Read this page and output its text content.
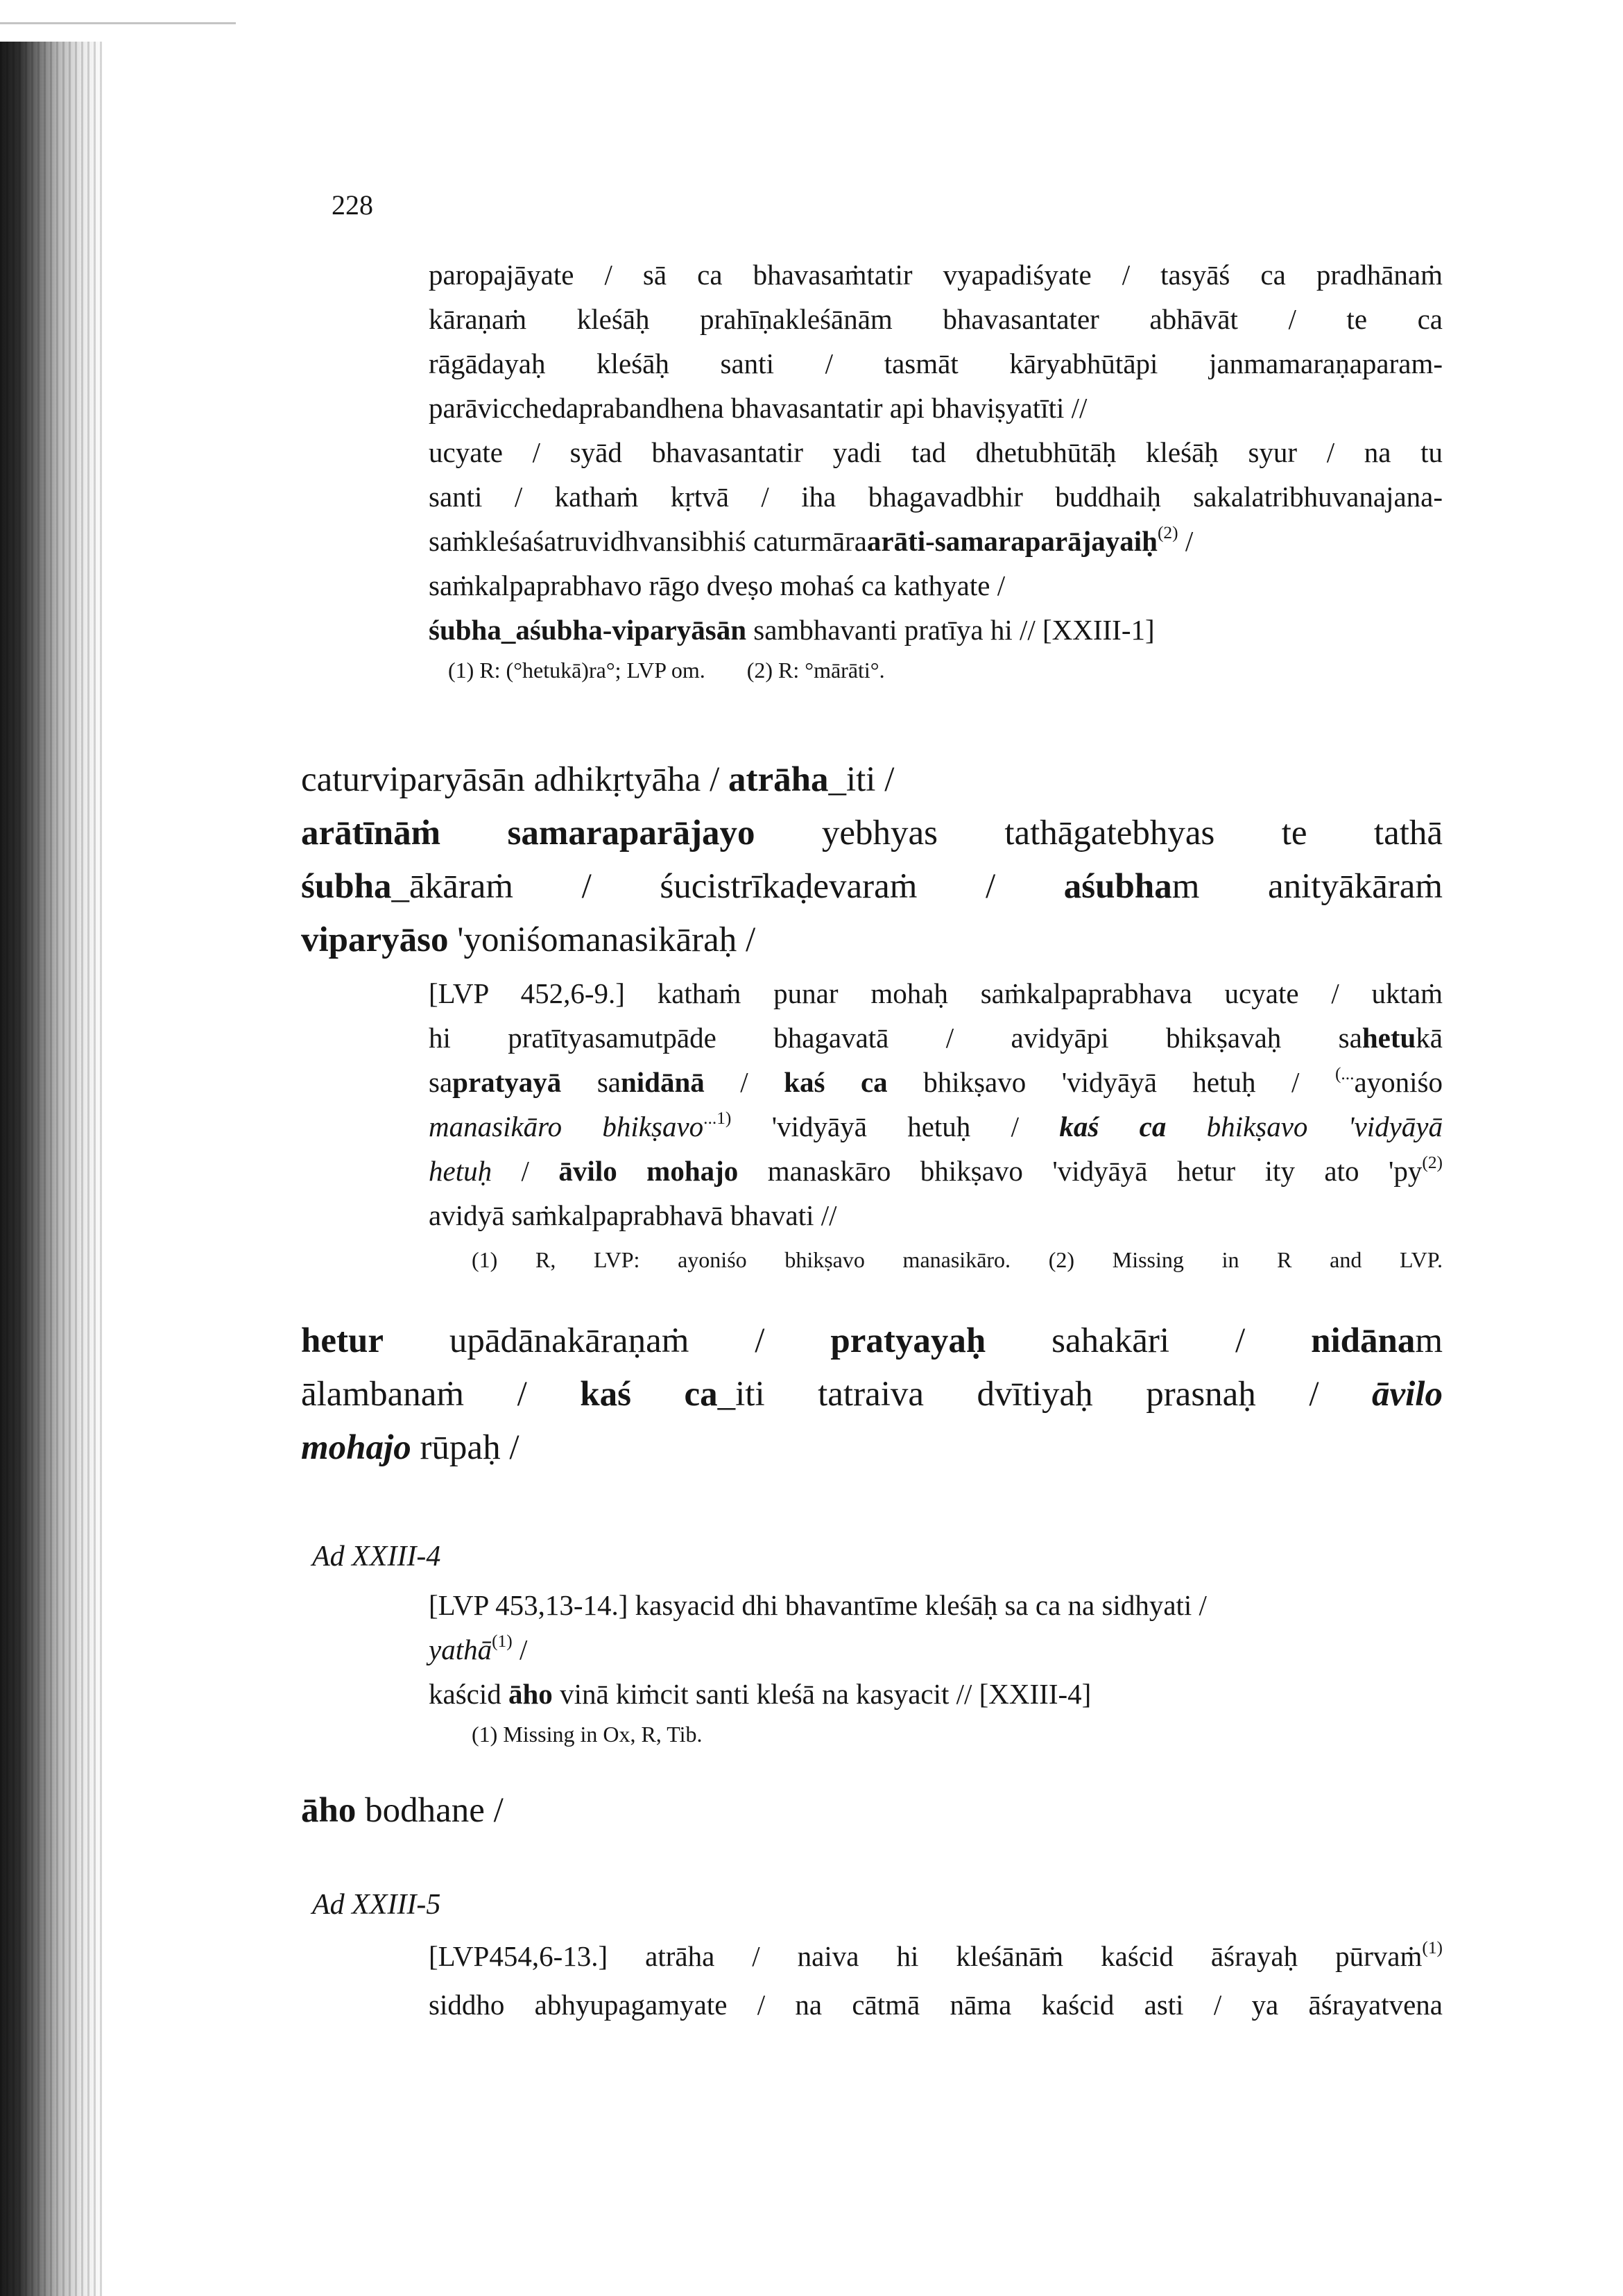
228
paropajāyate / sā ca bhavasaṁtatir vyapadiśyate / tasyāś ca pradhānaṁ
kāraṇaṁ kleśāḥ prahīṇakleśānām bhavasantater abhāvāt / te ca
rāgādayaḥ kleśāḥ santi / tasmāt kāryabhūtāpi janmamaraṇaparam-
parāvicchedaprabandhena bhavasantatir api bhaviṣyatīti //
ucyate / syād bhavasantatir yadi tad dhetubhūtāḥ kleśāḥ syur / na tu
santi / kathaṁ kṛtvā / iha bhagavadbhir buddhaiḥ sakalatribhuvanajana-
saṁkleśaśatruvidhvansibhiś caturmāraarāti-samaraparājayaiḥ$^{(2)}$ /
saṁkalpaprabhavo rāgo dveṣo mohaś ca kathyate /
śubha_aśubha-viparyāsān sambhavanti pratīya hi // [XXIII-1]
(1) R: (°hetukā)ra°; LVP om. (2) R: °mārāti°.
caturviparyāsān adhikṛtyāha / atrāha_iti /
arātīnāṁ samaraparājayo yebhyas tathāgatebhyas te tathā
śubha_ākāraṁ / śucistrīkaḍevaraṁ / aśubham anityākāraṁ
viparyāso 'yoniśomanasikāraḥ /
[LVP 452,6-9.] kathaṁ punar mohaḥ saṁkalpaprabhava ucyate / uktaṁ
hi pratītyasamutpāde bhagavatā / avidyāpi bhikṣavaḥ sahetukā
sapratyayā sanidānā / kaś ca bhikṣavo 'vidyāyā hetuḥ / (...ayoniśo
manasikāro bhikṣavo$^{...1)}$ 'vidyāyā hetuḥ / kaś ca bhikṣavo 'vidyāyā
hetuḥ / āvilo mohajo manaskāro bhikṣavo 'vidyāyā hetur ity ato '$py^{(2)}$
avidyā saṁkalpaprabhavā bhavati //
(1) R, LVP: ayoniśo bhikṣavo manasikāro. (2) Missing in R and LVP.
hetur upādānakāraṇaṁ / pratyayaḥ sahakāri / nidānam
ālambanaṁ / kaś ca_iti tatraiva dvītiyaḥ prasnaḥ / āvilo
mohajo rūpaḥ /
Ad XXIII-4
[LVP 453,13-14.] kasyacid dhi bhavantīme kleśāḥ sa ca na sidhyati /
yathā$^{(1)}$ /
kaścid āho vinā kiṁcit santi kleśā na kasyacit // [XXIII-4]
(1) Missing in Ox, R, Tib.
āho bodhane /
Ad XXIII-5
[LVP454,6-13.] atrāha / naiva hi kleśānāṁ kaścid āśrayaḥ pūrvaṁ$^{(1)}$
siddho abhyupagamyate / na cātmā nāma kaścid asti / ya āśrayatvena
